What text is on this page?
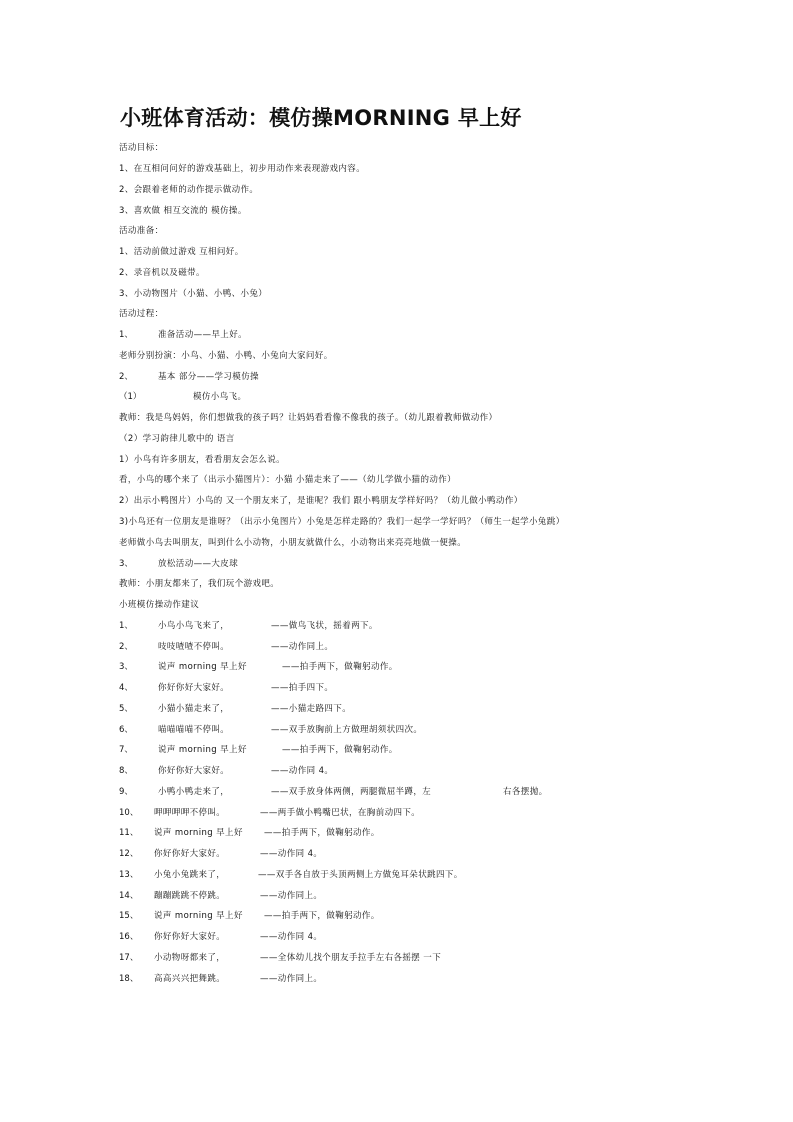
小班体育活动：模仿操MORNING 早上好
活动目标：
1、在互相问问好的游戏基础上，初步用动作来表现游戏内容。
2、会跟着老师的动作提示做动作。
3、喜欢做 相互交流的 模仿操。
活动准备：
1、活动前做过游戏 互相问好。
2、录音机以及磁带。
3、小动物图片（小猫、小鸭、小兔）
活动过程：
1、	准备活动——早上好。
老师分别扮演：小鸟、小猫、小鸭、小兔向大家问好。
2、	基本 部分——学习模仿操
（1）	模仿小鸟飞。
教师：我是鸟妈妈，你们想做我的孩子吗？让妈妈看看像不像我的孩子。（幼儿跟着教师做动作）
（2）学习韵律儿歌中的 语言
1）小鸟有许多朋友，看看朋友会怎么说。
看，小鸟的哪个来了（出示小猫图片）：小猫 小猫走来了——（幼儿学做小猫的动作）
2）出示小鸭图片）小鸟的 又一个朋友来了，是谁呢？我们 跟小鸭朋友学样好吗？（幼儿做小鸭动作）
3)小鸟还有一位朋友是谁呀？（出示小兔图片）小兔是怎样走路的？我们一起学一学好吗？（师生一起学小兔跳）
老师做小鸟去叫朋友，叫到什么小动物，小朋友就做什么，小动物出来亮亮地做一便操。
3、	放松活动——大皮球
教师：小朋友都来了，我们玩个游戏吧。
小班模仿操动作建议
1、	小鸟小鸟飞来了，	——做鸟飞状，摇着两下。
2、	吱吱喳喳不停叫。	——动作同上。
3、	说声 morning 早上好	——拍手两下，做鞠躬动作。
4、	你好你好大家好。	——拍手四下。
5、	小猫小猫走来了，	——小猫走路四下。
6、	喵喵喵喵不停叫。	——双手放胸前上方做理胡须状四次。
7、	说声 morning 早上好	——拍手两下，做鞠躬动作。
8、	你好你好大家好。	——动作同 4。
9、	小鸭小鸭走来了，	——双手放身体两侧，两腿微屈半蹲，左	右各摆抛。
10、 呷呷呷呷不停叫。	——两手做小鸭嘴巴状，在胸前动四下。
11、 说声 morning 早上好 ——拍手两下，做鞠躬动作。
12、 你好你好大家好。	——动作同 4。
13、 小兔小兔跳来了，	——双手各自放于头顶两侧上方做兔耳朵状跳四下。
14、 蹦蹦跳跳不停跳。	——动作同上。
15、 说声 morning 早上好 ——拍手两下，做鞠躬动作。
16、 你好你好大家好。	——动作同 4。
17、 小动物呀都来了，	——全体幼儿找个朋友手拉手左右各摇摆 一下
18、 高高兴兴把舞跳。	——动作同上。
